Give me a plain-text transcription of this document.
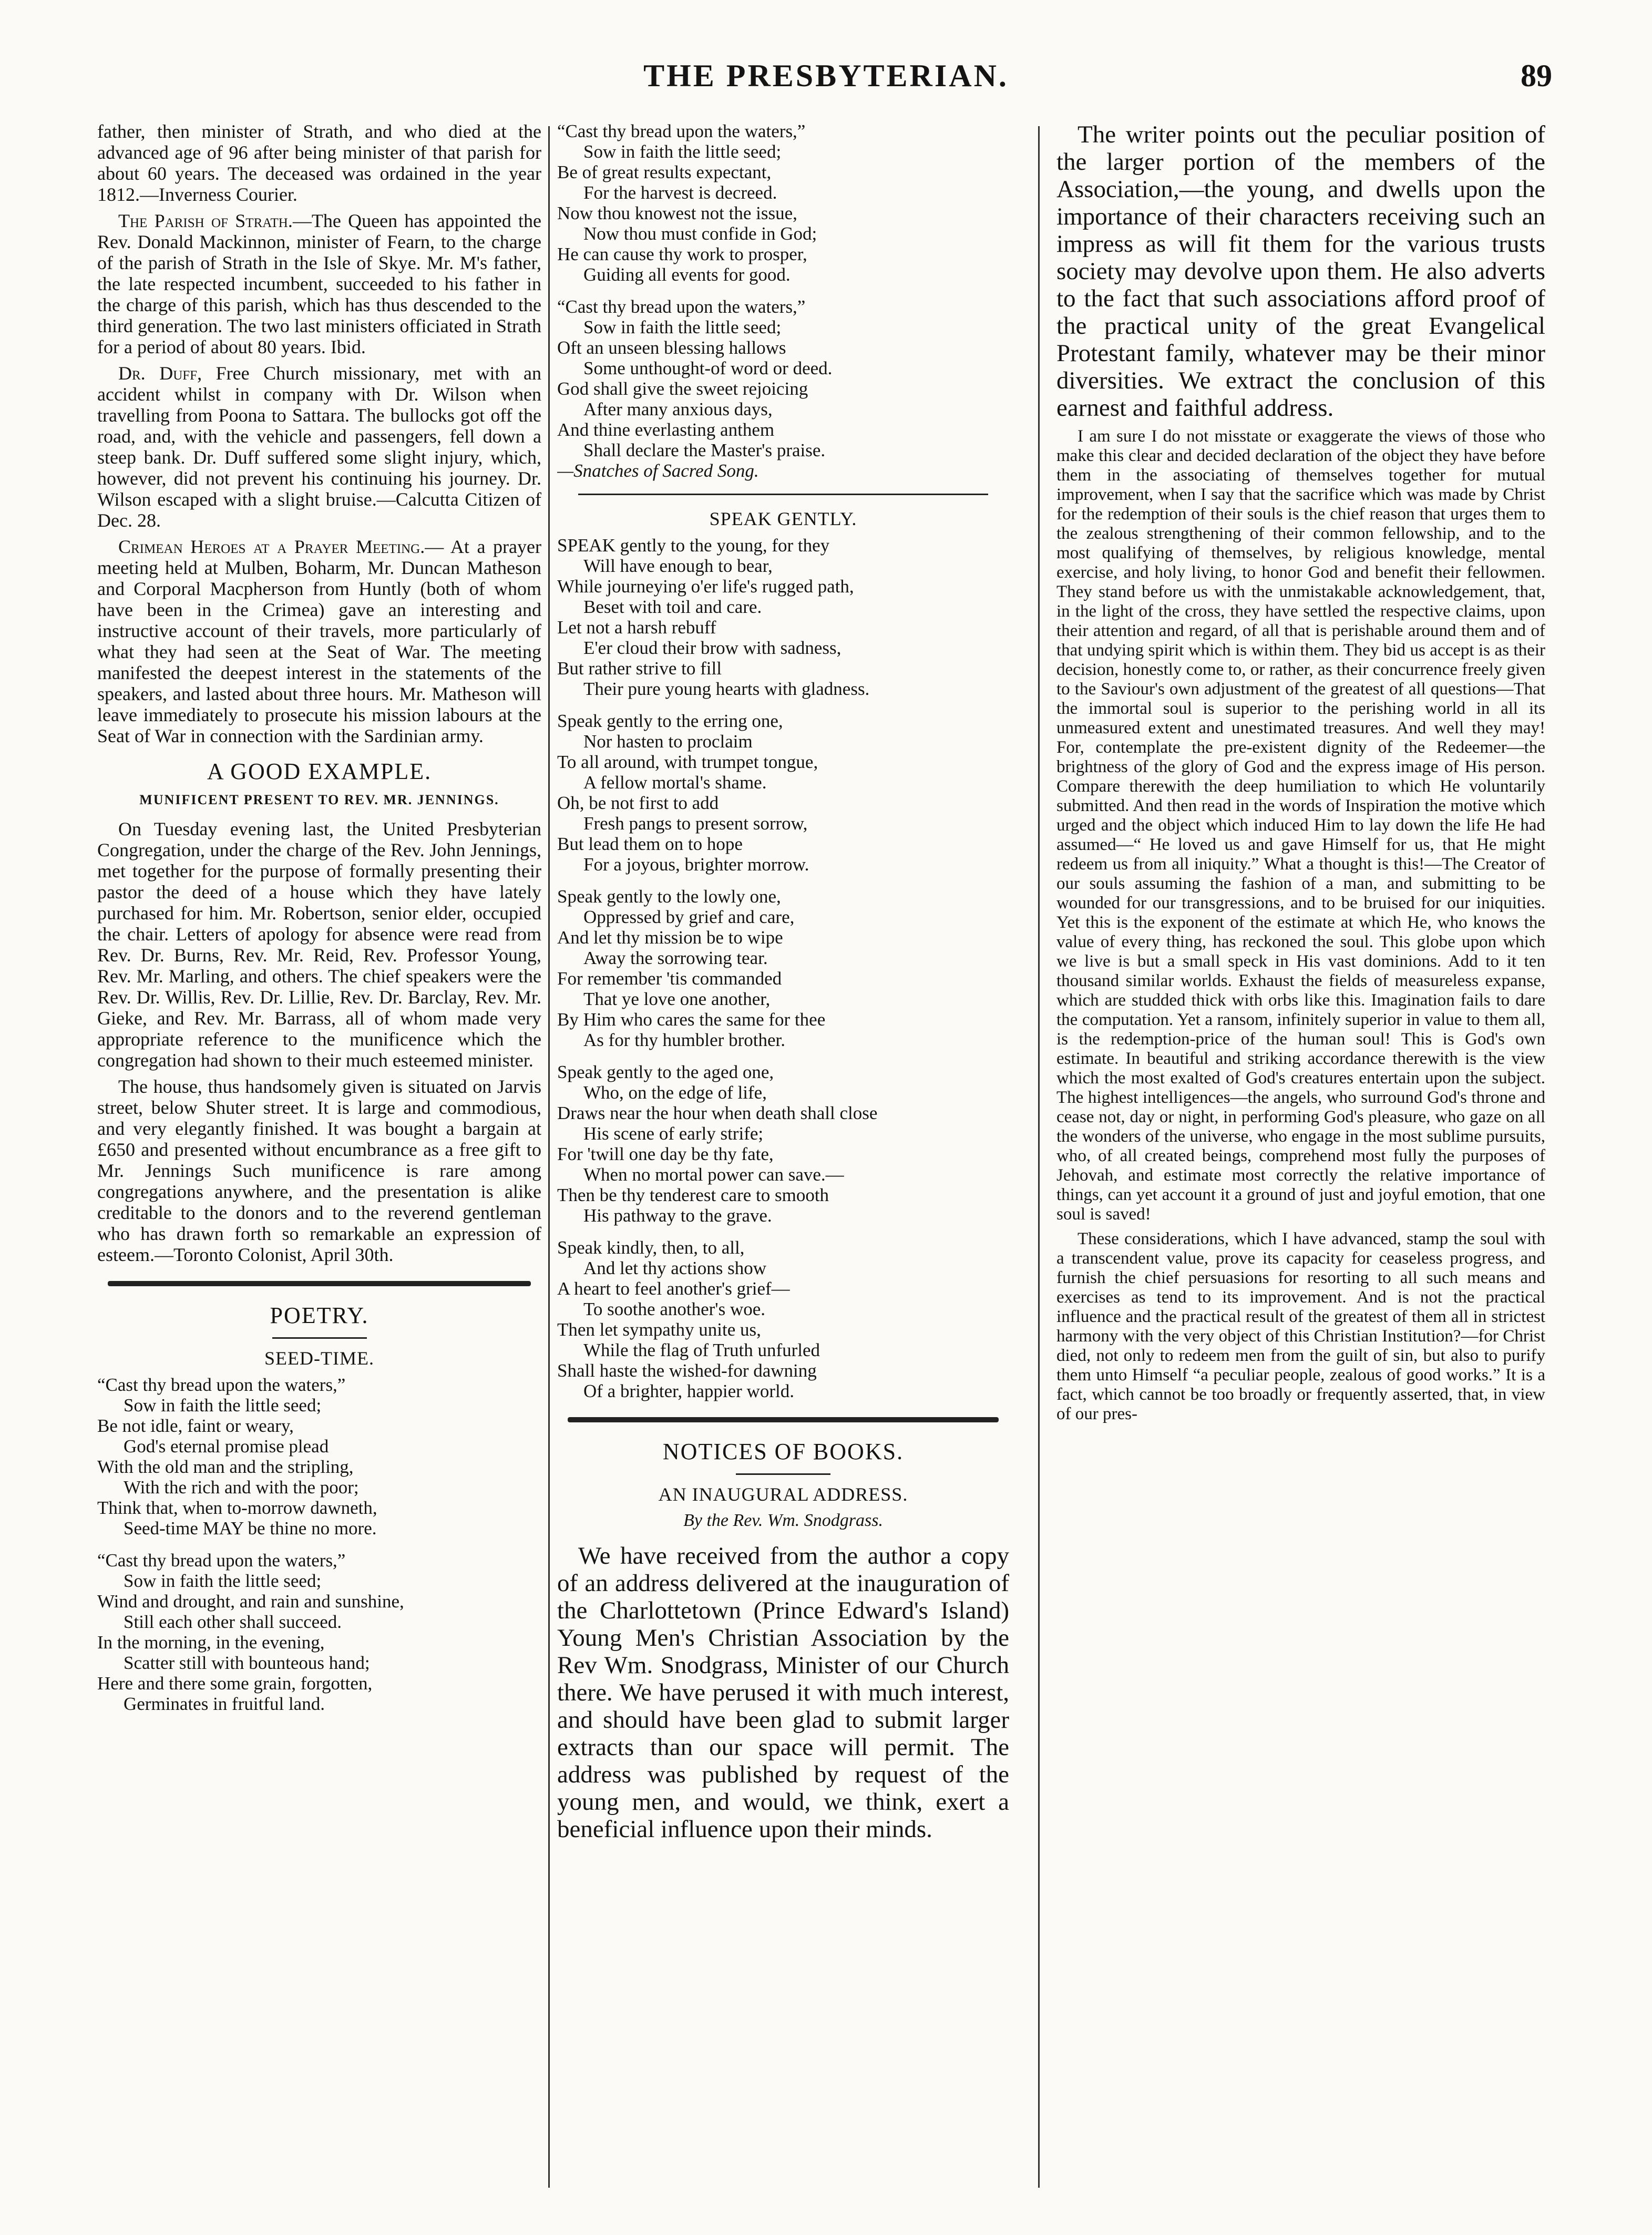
THE PRESBYTERIAN.	89

father, then minister of Strath, and who died at the advanced age of 96 after being minister of that parish for about 60 years. The deceased was ordained in the year 1812.—Inverness Courier.

The Parish of Strath.—The Queen has appointed the Rev. Donald Mackinnon, minister of Fearn, to the charge of the parish of Strath in the Isle of Skye. Mr. M's father, the late respected incumbent, succeeded to his father in the charge of this parish, which has thus descended to the third generation. The two last ministers officiated in Strath for a period of about 80 years. Ibid.

Dr. Duff, Free Church missionary, met with an accident whilst in company with Dr. Wilson when travelling from Poona to Sattara. The bullocks got off the road, and, with the vehicle and passengers, fell down a steep bank. Dr. Duff suffered some slight injury, which, however, did not prevent his continuing his journey. Dr. Wilson escaped with a slight bruise.—Calcutta Citizen of Dec. 28.

Crimean Heroes at a Prayer Meeting.— At a prayer meeting held at Mulben, Boharm, Mr. Duncan Matheson and Corporal Macpherson from Huntly (both of whom have been in the Crimea) gave an interesting and instructive account of their travels, more particularly of what they had seen at the Seat of War. The meeting manifested the deepest interest in the statements of the speakers, and lasted about three hours. Mr. Matheson will leave immediately to prosecute his mission labours at the Seat of War in connection with the Sardinian army.

A GOOD EXAMPLE.
MUNIFICENT PRESENT TO REV. MR. JENNINGS.

On Tuesday evening last, the United Presbyterian Congregation, under the charge of the Rev. John Jennings, met together for the purpose of formally presenting their pastor the deed of a house which they have lately purchased for him. Mr. Robertson, senior elder, occupied the chair. Letters of apology for absence were read from Rev. Dr. Burns, Rev. Mr. Reid, Rev. Professor Young, Rev. Mr. Marling, and others. The chief speakers were the Rev. Dr. Willis, Rev. Dr. Lillie, Rev. Dr. Barclay, Rev. Mr. Gieke, and Rev. Mr. Barrass, all of whom made very appropriate reference to the munificence which the congregation had shown to their much esteemed minister.

The house, thus handsomely given is situated on Jarvis street, below Shuter street. It is large and commodious, and very elegantly finished. It was bought a bargain at £650 and presented without encumbrance as a free gift to Mr. Jennings Such munificence is rare among congregations anywhere, and the presentation is alike creditable to the donors and to the reverend gentleman who has drawn forth so remarkable an expression of esteem.—Toronto Colonist, April 30th.

POETRY.
SEED-TIME.
“Cast thy bread upon the waters,”
Sow in faith the little seed;
Be not idle, faint or weary,
God's eternal promise plead
With the old man and the stripling,
With the rich and with the poor;
Think that, when to-morrow dawneth,
Seed-time MAY be thine no more.
“Cast thy bread upon the waters,”
Sow in faith the little seed;
Wind and drought, and rain and sunshine,
Still each other shall succeed.
In the morning, in the evening,
Scatter still with bounteous hand;
Here and there some grain, forgotten,
Germinates in fruitful land.
“Cast thy bread upon the waters,”
Sow in faith the little seed;
Be of great results expectant,
For the harvest is decreed.
Now thou knowest not the issue,
Now thou must confide in God;
He can cause thy work to prosper,
Guiding all events for good.
“Cast thy bread upon the waters,”
Sow in faith the little seed;
Oft an unseen blessing hallows
Some unthought-of word or deed.
God shall give the sweet rejoicing
After many anxious days,
And thine everlasting anthem
Shall declare the Master's praise.
—Snatches of Sacred Song.
SPEAK GENTLY.
SPEAK gently to the young, for they
Will have enough to bear,
While journeying o'er life's rugged path,
Beset with toil and care.
Let not a harsh rebuff
E'er cloud their brow with sadness,
But rather strive to fill
Their pure young hearts with gladness.
Speak gently to the erring one,
Nor hasten to proclaim
To all around, with trumpet tongue,
A fellow mortal's shame.
Oh, be not first to add
Fresh pangs to present sorrow,
But lead them on to hope
For a joyous, brighter morrow.
Speak gently to the lowly one,
Oppressed by grief and care,
And let thy mission be to wipe
Away the sorrowing tear.
For remember 'tis commanded
That ye love one another,
By Him who cares the same for thee
As for thy humbler brother.
Speak gently to the aged one,
Who, on the edge of life,
Draws near the hour when death shall close
His scene of early strife;
For 'twill one day be thy fate,
When no mortal power can save.—
Then be thy tenderest care to smooth
His pathway to the grave.
Speak kindly, then, to all,
And let thy actions show
A heart to feel another's grief—
To soothe another's woe.
Then let sympathy unite us,
While the flag of Truth unfurled
Shall haste the wished-for dawning
Of a brighter, happier world.
NOTICES OF BOOKS.
AN INAUGURAL ADDRESS.
By the Rev. Wm. Snodgrass.

We have received from the author a copy of an address delivered at the inauguration of the Charlottetown (Prince Edward's Island) Young Men's Christian Association by the Rev Wm. Snodgrass, Minister of our Church there. We have perused it with much interest, and should have been glad to submit larger extracts than our space will permit. The address was published by request of the young men, and would, we think, exert a beneficial influence upon their minds.

The writer points out the peculiar position of the larger portion of the members of the Association,—the young, and dwells upon the importance of their characters receiving such an impress as will fit them for the various trusts society may devolve upon them. He also adverts to the fact that such associations afford proof of the practical unity of the great Evangelical Protestant family, whatever may be their minor diversities. We extract the conclusion of this earnest and faithful address.

I am sure I do not misstate or exaggerate the views of those who make this clear and decided declaration of the object they have before them in the associating of themselves together for mutual improvement, when I say that the sacrifice which was made by Christ for the redemption of their souls is the chief reason that urges them to the zealous strengthening of their common fellowship, and to the most qualifying of themselves, by religious knowledge, mental exercise, and holy living, to honor God and benefit their fellowmen. They stand before us with the unmistakable acknowledgement, that, in the light of the cross, they have settled the respective claims, upon their attention and regard, of all that is perishable around them and of that undying spirit which is within them. They bid us accept is as their decision, honestly come to, or rather, as their concurrence freely given to the Saviour's own adjustment of the greatest of all questions—That the immortal soul is superior to the perishing world in all its unmeasured extent and unestimated treasures. And well they may! For, contemplate the pre-existent dignity of the Redeemer—the brightness of the glory of God and the express image of His person. Compare therewith the deep humiliation to which He voluntarily submitted. And then read in the words of Inspiration the motive which urged and the object which induced Him to lay down the life He had assumed—“ He loved us and gave Himself for us, that He might redeem us from all iniquity.” What a thought is this!—The Creator of our souls assuming the fashion of a man, and submitting to be wounded for our transgressions, and to be bruised for our iniquities. Yet this is the exponent of the estimate at which He, who knows the value of every thing, has reckoned the soul. This globe upon which we live is but a small speck in His vast dominions. Add to it ten thousand similar worlds. Exhaust the fields of measureless expanse, which are studded thick with orbs like this. Imagination fails to dare the computation. Yet a ransom, infinitely superior in value to them all, is the redemption-price of the human soul! This is God's own estimate. In beautiful and striking accordance therewith is the view which the most exalted of God's creatures entertain upon the subject. The highest intelligences—the angels, who surround God's throne and cease not, day or night, in performing God's pleasure, who gaze on all the wonders of the universe, who engage in the most sublime pursuits, who, of all created beings, comprehend most fully the purposes of Jehovah, and estimate most correctly the relative importance of things, can yet account it a ground of just and joyful emotion, that one soul is saved!

These considerations, which I have advanced, stamp the soul with a transcendent value, prove its capacity for ceaseless progress, and furnish the chief persuasions for resorting to all such means and exercises as tend to its improvement. And is not the practical influence and the practical result of the greatest of them all in strictest harmony with the very object of this Christian Institution?—for Christ died, not only to redeem men from the guilt of sin, but also to purify them unto Himself “a peculiar people, zealous of good works.” It is a fact, which cannot be too broadly or frequently asserted, that, in view of our pres-
